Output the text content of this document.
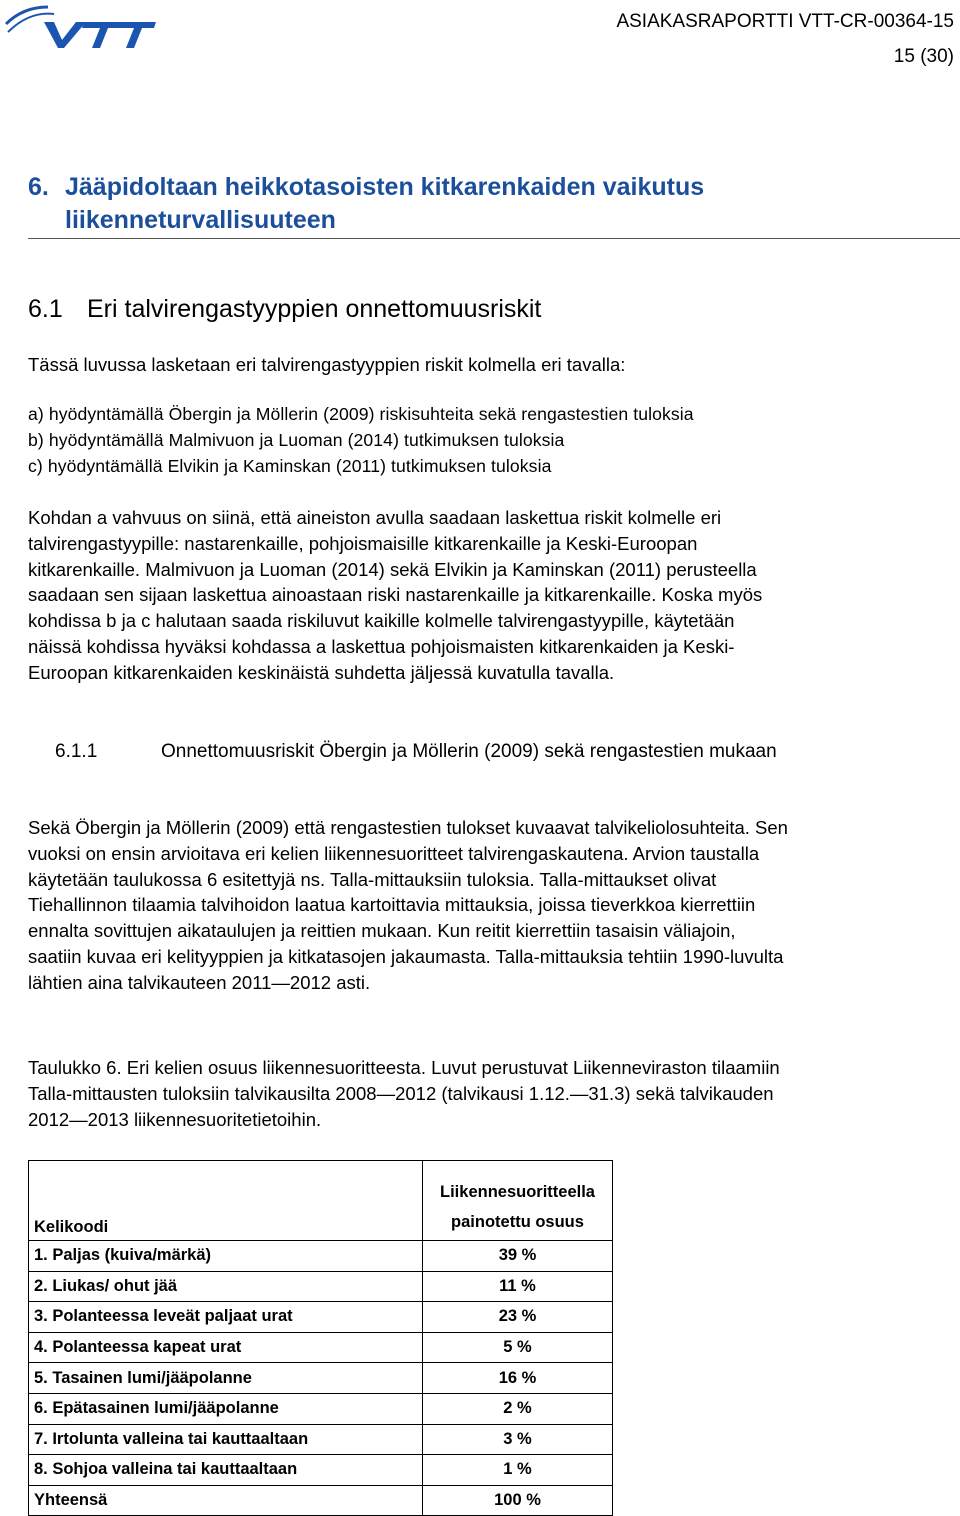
ASIAKASRAPORTTI VTT-CR-00364-15
15 (30)
6. Jääpidoltaan heikkotasoisten kitkarenkaiden vaikutus
liikenneturvallisuuteen
6.1 Eri talvirengastyyppien onnettomuusriskit
Tässä luvussa lasketaan eri talvirengastyyppien riskit kolmella eri tavalla:
a) hyödyntämällä Öbergin ja Möllerin (2009) riskisuhteita sekä rengastestien tuloksia
b) hyödyntämällä Malmivuon ja Luoman (2014) tutkimuksen tuloksia
c) hyödyntämällä Elvikin ja Kaminskan (2011) tutkimuksen tuloksia
Kohdan a vahvuus on siinä, että aineiston avulla saadaan laskettua riskit kolmelle eri
talvirengastyypille: nastarenkaille, pohjoismaisille kitkarenkaille ja Keski-Euroopan
kitkarenkaille. Malmivuon ja Luoman (2014) sekä Elvikin ja Kaminskan (2011) perusteella
saadaan sen sijaan laskettua ainoastaan riski nastarenkaille ja kitkarenkaille. Koska myös
kohdissa b ja c halutaan saada riskiluvut kaikille kolmelle talvirengastyypille, käytetään
näissä kohdissa hyväksi kohdassa a laskettua pohjoismaisten kitkarenkaiden ja Keski-
Euroopan kitkarenkaiden keskinäistä suhdetta jäljessä kuvatulla tavalla.
6.1.1	Onnettomuusriskit Öbergin ja Möllerin (2009) sekä rengastestien mukaan
Sekä Öbergin ja Möllerin (2009) että rengastestien tulokset kuvaavat talvikeliolosuhteita. Sen
vuoksi on ensin arvioitava eri kelien liikennesuoritteet talvirengaskautena. Arvion taustalla
käytetään taulukossa 6 esitettyjä ns. Talla-mittauksiin tuloksia. Talla-mittaukset olivat
Tiehallinnon tilaamia talvihoidon laatua kartoittavia mittauksia, joissa tieverkkoa kierrettiin
ennalta sovittujen aikataulujen ja reittien mukaan. Kun reitit kierrettiin tasaisin väliajoin,
saatiin kuvaa eri kelityyppien ja kitkatasojen jakaumasta. Talla-mittauksia tehtiin 1990-luvulta
lähtien aina talvikauteen 2011—2012 asti.
Taulukko 6. Eri kelien osuus liikennesuoritteesta. Luvut perustuvat Liikenneviraston tilaamiin
Talla-mittausten tuloksiin talvikausilta 2008—2012 (talvikausi 1.12.—31.3) sekä talvikauden
2012—2013 liikennesuoritetietoihin.
Kelikoodi	Liikennesuoritteella
painotettu osuus

1. Paljas (kuiva/märkä)	39 %
2. Liukas/ ohut jää	11 %
3. Polanteessa leveät paljaat urat	23 %
4. Polanteessa kapeat urat	5 %
5. Tasainen lumi/jääpolanne	16 %
6. Epätasainen lumi/jääpolanne	2 %
7. Irtolunta valleina tai kauttaaltaan	3 %
8. Sohjoa valleina tai kauttaaltaan	1 %
Yhteensä	100 %
